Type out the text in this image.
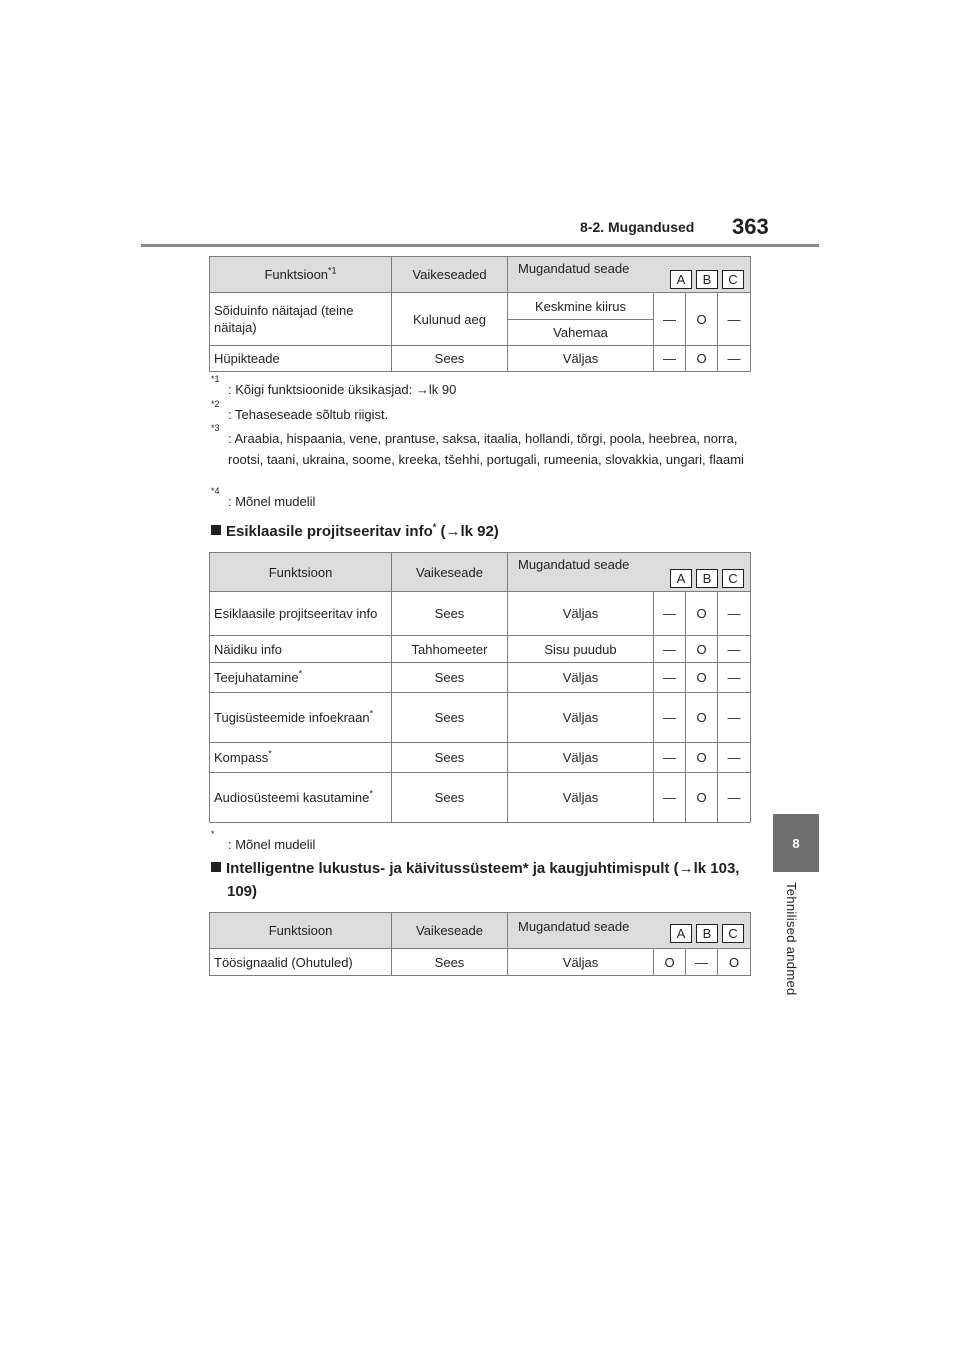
8-2. Mugandused 363
8
Tehnilised andmed
Funktsioon$^{*1}$	Vaikeseaded	Mugandatud seade
A B C			

Sõiduinfo näitajad (teine näitaja)	Kulunud aeg	Keskmine kiirus	—	O	—
		Vahemaa			
Hüpikteade	Sees	Väljas	—	O	—
*1
: Kõigi funktsioonide üksikasjad: →lk 90
*2
: Tehaseseade sõltub riigist.
*3
: Araabia, hispaania, vene, prantuse, saksa, itaalia, hollandi, tõrgi, poola, heebrea, norra, rootsi, taani, ukraina, soome, kreeka, tšehhi, portugali, rumeenia, slovakkia, ungari, flaami
*4
: Mõnel mudelil
Esiklaasile projitseeritav info* (→lk 92)
Funktsioon	Vaikeseade	Mugandatud seade
A B C			

Esiklaasile projitseeritav info	Sees	Väljas	—	O	—
Näidiku info	Tahhomeeter	Sisu puudub	—	O	—
Teejuhatamine*	Sees	Väljas	—	O	—
Tugisüsteemide infoekraan*	Sees	Väljas	—	O	—
Kompass*	Sees	Väljas	—	O	—
Audiosüsteemi kasutamine*	Sees	Väljas	—	O	—
*
: Mõnel mudelil
Intelligentne lukustus- ja käivitussüsteem* ja kaugjuhtimispult (→lk 103, 109)
Funktsioon	Vaikeseade	Mugandatud seade A B C			

Töösignaalid (Ohutuled)	Sees	Väljas	O	—	O
